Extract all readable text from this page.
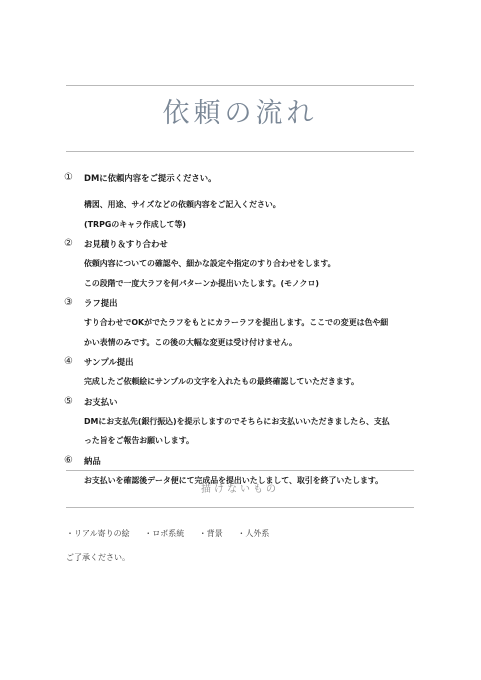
依頼の流れ
① DMに依頼内容をご提示ください。
構図、用途、サイズなどの依頼内容をご記入ください。
(TRPGのキャラ作成して等)
② お見積り＆すり合わせ
依頼内容についての確認や、細かな設定や指定のすり合わせをします。
この段階で一度大ラフを何パターンか提出いたします。(モノクロ)
③ ラフ提出
すり合わせでOKがでたラフをもとにカラーラフを提出します。ここでの変更は色や細
かい表情のみです。この後の大幅な変更は受け付けません。
④ サンプル提出
完成したご依頼絵にサンプルの文字を入れたもの最終確認していただきます。
⑤ お支払い
DMにお支払先(銀行振込)を提示しますのでそちらにお支払いいただきましたら、支払
った旨をご報告お願いします。
⑥ 納品
お支払いを確認後データ便にて完成品を提出いたしまして、取引を終了いたします。
描けないもの
・リアル寄りの絵 ・ロボ系統 ・背景 ・人外系
ご了承ください。
